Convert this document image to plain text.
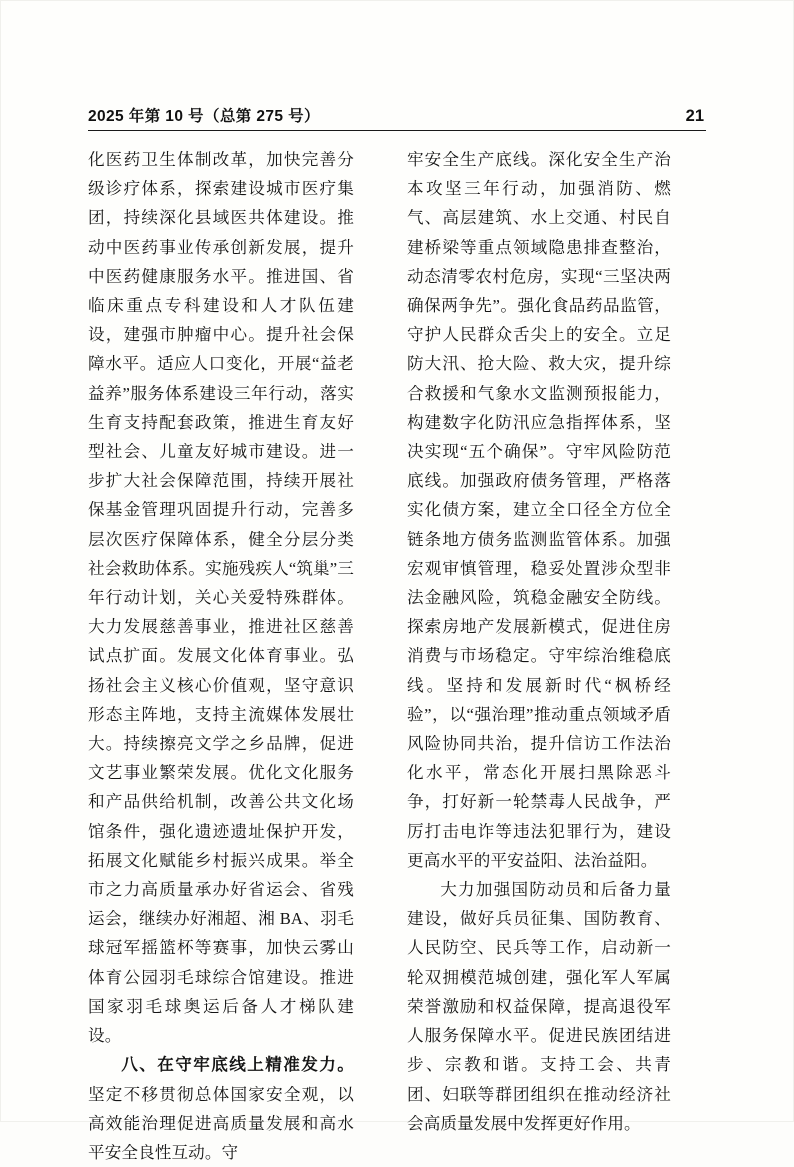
2025 年第 10 号（总第 275 号）	21

化医药卫生体制改革，加快完善分级诊疗体系，探索建设城市医疗集团，持续深化县域医共体建设。推动中医药事业传承创新发展，提升中医药健康服务水平。推进国、省临床重点专科建设和人才队伍建设，建强市肿瘤中心。提升社会保障水平。适应人口变化，开展“益老益养”服务体系建设三年行动，落实生育支持配套政策，推进生育友好型社会、儿童友好城市建设。进一步扩大社会保障范围，持续开展社保基金管理巩固提升行动，完善多层次医疗保障体系，健全分层分类社会救助体系。实施残疾人“筑巢”三年行动计划，关心关爱特殊群体。大力发展慈善事业，推进社区慈善试点扩面。发展文化体育事业。弘扬社会主义核心价值观，坚守意识形态主阵地，支持主流媒体发展壮大。持续擦亮文学之乡品牌，促进文艺事业繁荣发展。优化文化服务和产品供给机制，改善公共文化场馆条件，强化遗迹遗址保护开发，拓展文化赋能乡村振兴成果。举全市之力高质量承办好省运会、省残运会，继续办好湘超、湘 BA、羽毛球冠军摇篮杯等赛事，加快云雾山体育公园羽毛球综合馆建设。推进国家羽毛球奥运后备人才梯队建设。

八、在守牢底线上精准发力。坚定不移贯彻总体国家安全观，以高效能治理促进高质量发展和高水平安全良性互动。守

牢安全生产底线。深化安全生产治本攻坚三年行动，加强消防、燃气、高层建筑、水上交通、村民自建桥梁等重点领域隐患排查整治，动态清零农村危房，实现“三坚决两确保两争先”。强化食品药品监管，守护人民群众舌尖上的安全。立足防大汛、抢大险、救大灾，提升综合救援和气象水文监测预报能力，构建数字化防汛应急指挥体系，坚决实现“五个确保”。守牢风险防范底线。加强政府债务管理，严格落实化债方案，建立全口径全方位全链条地方债务监测监管体系。加强宏观审慎管理，稳妥处置涉众型非法金融风险，筑稳金融安全防线。探索房地产发展新模式，促进住房消费与市场稳定。守牢综治维稳底线。坚持和发展新时代“枫桥经验”，以“强治理”推动重点领域矛盾风险协同共治，提升信访工作法治化水平，常态化开展扫黑除恶斗争，打好新一轮禁毒人民战争，严厉打击电诈等违法犯罪行为，建设更高水平的平安益阳、法治益阳。

大力加强国防动员和后备力量建设，做好兵员征集、国防教育、人民防空、民兵等工作，启动新一轮双拥模范城创建，强化军人军属荣誉激励和权益保障，提高退役军人服务保障水平。促进民族团结进步、宗教和谐。支持工会、共青团、妇联等群团组织在推动经济社会高质量发展中发挥更好作用。
